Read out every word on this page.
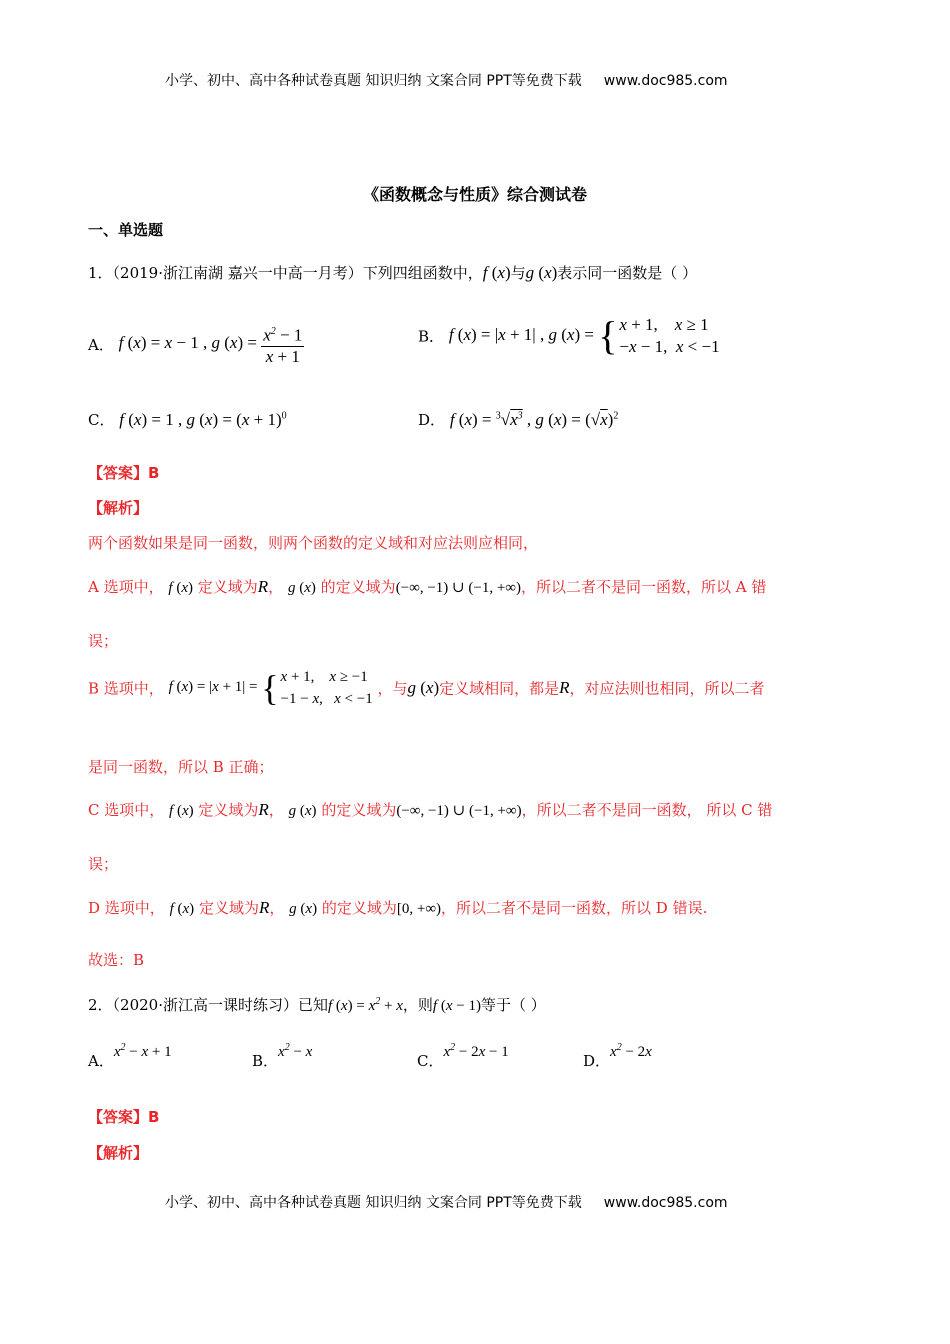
小学、初中、高中各种试卷真题 知识归纳 文案合同 PPT等免费下载 www.doc985.com
《函数概念与性质》综合测试卷
一、单选题
1．（2019·浙江南湖 嘉兴一中高一月考）下列四组函数中，f (x)与g (x)表示同一函数是（ ）
A． f (x) = x − 1 , g $(x) = \frac{x^2 - 1}{x + 1}$	B． f (x) = |x + 1| , g (x) = { x + 1,    x ≥ 1
−x − 1,  x < −1
C． f (x) = 1 , g $(x) = (x + 1)^0$	D． f $(x) = ^3√x^3$ , g $(x) = (√x)^2$
【答案】B
【解析】
两个函数如果是同一函数，则两个函数的定义域和对应法则应相同，
A 选项中， f (x) 定义域为R， g (x) 的定义域为(−∞, −1) ∪ (−1, +∞)，所以二者不是同一函数，所以 A 错
误；
B 选项中， f (x) = |x + 1| = { x + 1,    x ≥ −1
−1 − x,   x < −1 ，与g (x)定义域相同，都是R，对应法则也相同，所以二者
是同一函数，所以 B 正确；
C 选项中， f (x) 定义域为R， g (x) 的定义域为(−∞, −1) ∪ (−1, +∞)，所以二者不是同一函数， 所以 C 错
误；
D 选项中， f (x) 定义域为R， g (x) 的定义域为[0, +∞)，所以二者不是同一函数，所以 D 错误.
故选：B
2．（2020·浙江高一课时练习）已知f $(x) = x^2 + x$，则f (x − 1)等于（ ）
A．$x^2 - x + 1$	B．$x^2 - x$	C．$x^2 - 2x - 1$	D．$x^2 - 2x$
【答案】B
【解析】
小学、初中、高中各种试卷真题 知识归纳 文案合同 PPT等免费下载 www.doc985.com
